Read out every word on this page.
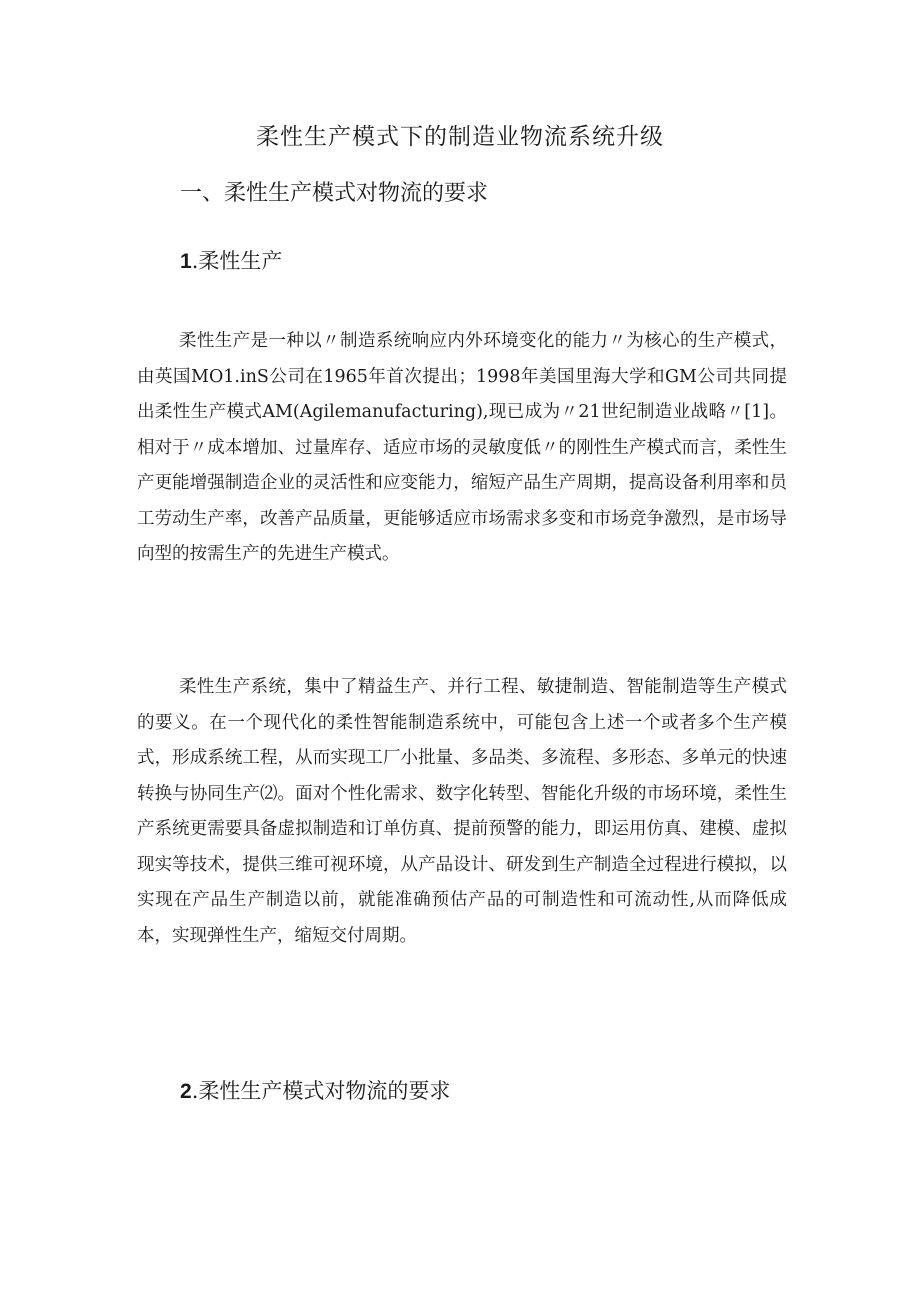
柔性生产模式下的制造业物流系统升级
一、柔性生产模式对物流的要求
1.柔性生产

柔性生产是一种以〃制造系统响应内外环境变化的能力〃为核心的生产模式，由英国MO1.inS公司在1965年首次提出；1998年美国里海大学和GM公司共同提出柔性生产模式AM(Agilemanufacturing),现已成为〃21世纪制造业战略〃[1]。相对于〃成本增加、过量库存、适应市场的灵敏度低〃的刚性生产模式而言，柔性生产更能增强制造企业的灵活性和应变能力，缩短产品生产周期，提高设备利用率和员工劳动生产率，改善产品质量，更能够适应市场需求多变和市场竞争激烈，是市场导向型的按需生产的先进生产模式。

柔性生产系统，集中了精益生产、并行工程、敏捷制造、智能制造等生产模式的要义。在一个现代化的柔性智能制造系统中，可能包含上述一个或者多个生产模式，形成系统工程，从而实现工厂小批量、多品类、多流程、多形态、多单元的快速转换与协同生产⑵。面对个性化需求、数字化转型、智能化升级的市场环境，柔性生产系统更需要具备虚拟制造和订单仿真、提前预警的能力，即运用仿真、建模、虚拟现实等技术，提供三维可视环境，从产品设计、研发到生产制造全过程进行模拟，以实现在产品生产制造以前，就能准确预估产品的可制造性和可流动性,从而降低成本，实现弹性生产，缩短交付周期。

2.柔性生产模式对物流的要求
